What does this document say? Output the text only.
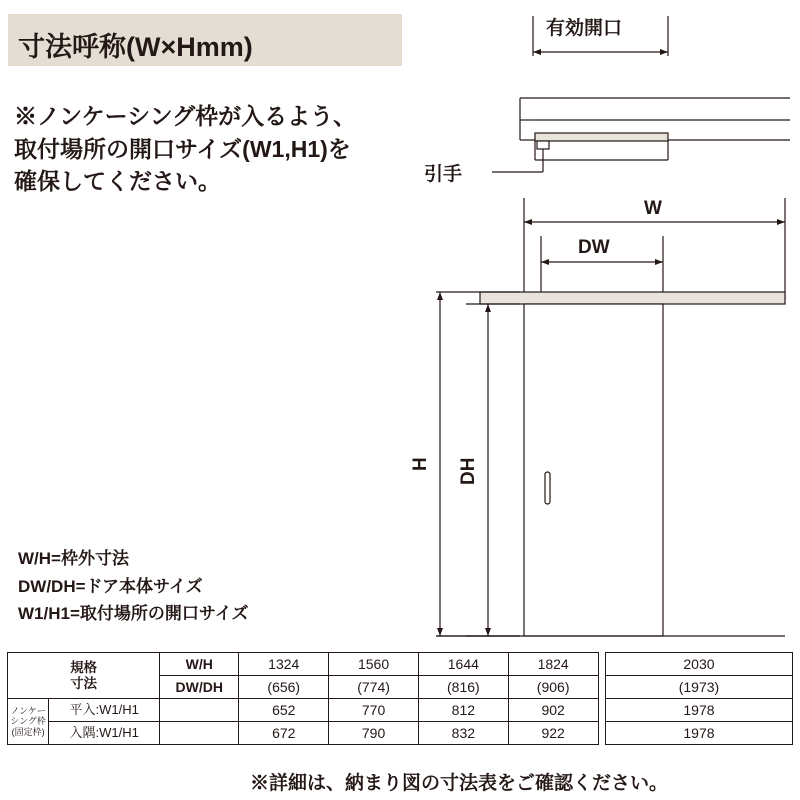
寸法呼称(W×Hmm)
※ノンケーシング枠が入るよう、
取付場所の開口サイズ(W1,H1)を
確保してください。
W/H=枠外寸法
DW/DH=ドア本体サイズ
W1/H1=取付場所の開口サイズ
有効開口
引手
W
DW
H DH
規格
寸法		W/H	1324	1560	1644	1824		2030
		DW/DH	(656)	(774)	(816)	(906)		(1973)

ノンケー
シング枠
(固定枠)	平入:W1/H1		652	770	812	902		1978
	入隅:W1/H1		672	790	832	922		1978
※詳細は、納まり図の寸法表をご確認ください。
